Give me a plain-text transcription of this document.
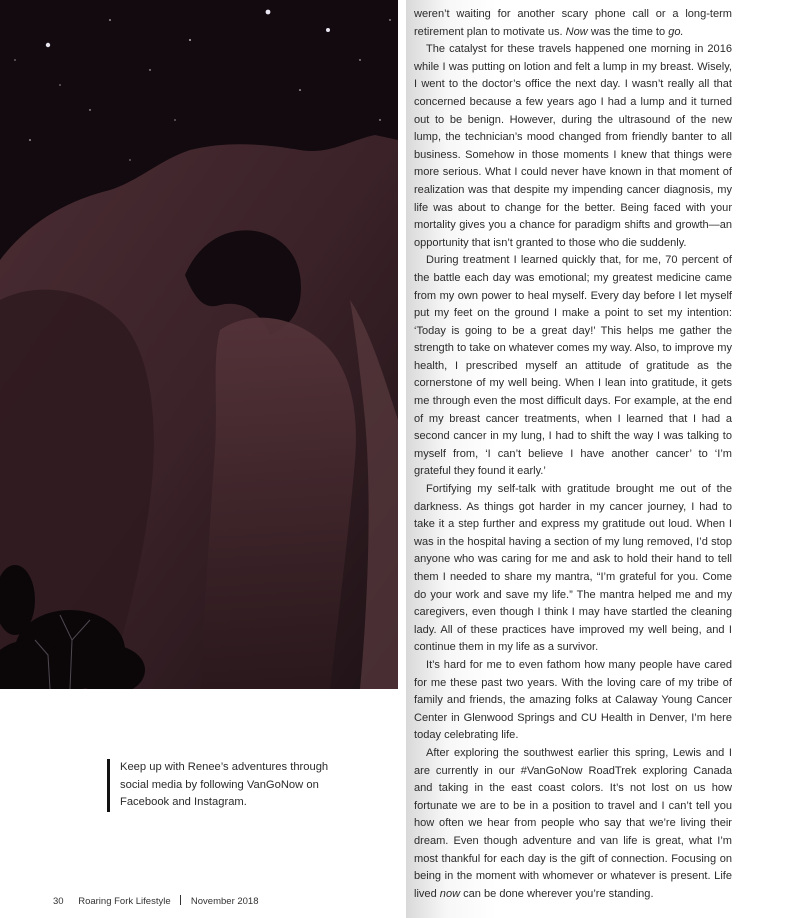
weren’t waiting for another scary phone call or a long-term retirement plan to motivate us. Now was the time to go.

The catalyst for these travels happened one morning in 2016 while I was putting on lotion and felt a lump in my breast. Wisely, I went to the doctor’s office the next day. I wasn’t really all that concerned because a few years ago I had a lump and it turned out to be benign. However, during the ultrasound of the new lump, the technician’s mood changed from friendly banter to all business. Somehow in those moments I knew that things were more serious. What I could never have known in that moment of realization was that despite my impending cancer diagnosis, my life was about to change for the better. Being faced with your mortality gives you a chance for paradigm shifts and growth—an opportunity that isn’t granted to those who die suddenly.

During treatment I learned quickly that, for me, 70 percent of the battle each day was emotional; my greatest medicine came from my own power to heal myself. Every day before I let myself put my feet on the ground I make a point to set my intention: ‘Today is going to be a great day!’ This helps me gather the strength to take on whatever comes my way. Also, to improve my health, I prescribed myself an attitude of gratitude as the cornerstone of my well being. When I lean into gratitude, it gets me through even the most difficult days. For example, at the end of my breast cancer treatments, when I learned that I had a second cancer in my lung, I had to shift the way I was talking to myself from, ‘I can’t believe I have another cancer’ to ‘I’m grateful they found it early.’

Fortifying my self-talk with gratitude brought me out of the darkness. As things got harder in my cancer journey, I had to take it a step further and express my gratitude out loud. When I was in the hospital having a section of my lung removed, I’d stop anyone who was caring for me and ask to hold their hand to tell them I needed to share my mantra, “I’m grateful for you. Come do your work and save my life.” The mantra helped me and my caregivers, even though I think I may have startled the cleaning lady. All of these practices have improved my well being, and I continue them in my life as a survivor.

It’s hard for me to even fathom how many people have cared for me these past two years. With the loving care of my tribe of family and friends, the amazing folks at Calaway Young Cancer Center in Glenwood Springs and CU Health in Denver, I’m here today celebrating life.

After exploring the southwest earlier this spring, Lewis and I are currently in our #VanGoNow RoadTrek exploring Canada and taking in the east coast colors. It’s not lost on us how fortunate we are to be in a position to travel and I can’t tell you how often we hear from people who say that we’re living their dream. Even though adventure and van life is great, what I’m most thankful for each day is the gift of connection. Focusing on being in the moment with whomever or whatever is present. Life lived now can be done wherever you’re standing.

Keep up with Renee’s adventures through social media by following VanGoNow on Facebook and Instagram.
30 Roaring Fork Lifestyle November 2018
